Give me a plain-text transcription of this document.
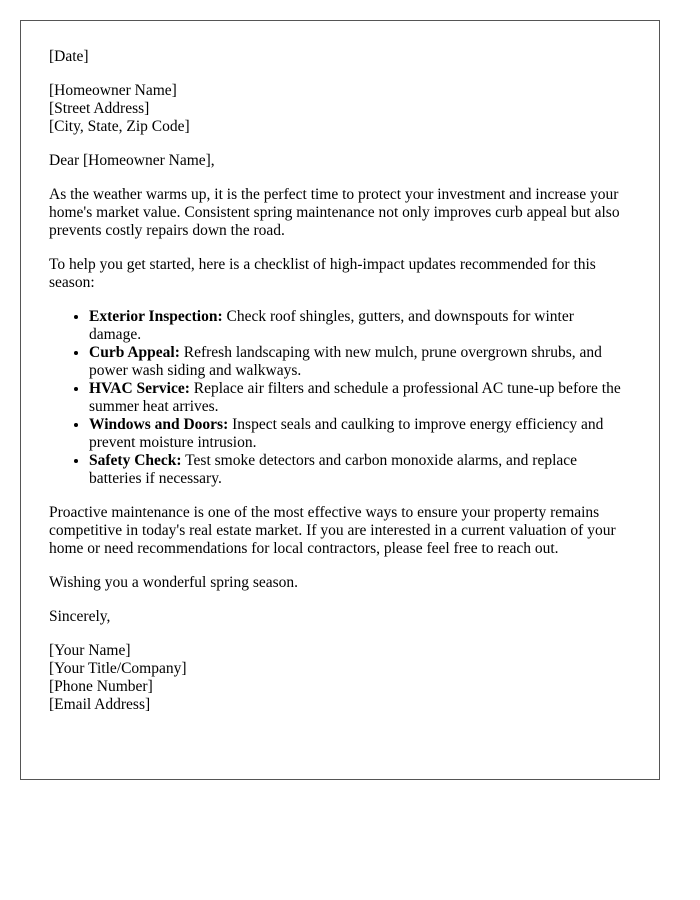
[Date]

[Homeowner Name]
[Street Address]
[City, State, Zip Code]

Dear [Homeowner Name],

As the weather warms up, it is the perfect time to protect your investment and increase your home's market value. Consistent spring maintenance not only improves curb appeal but also prevents costly repairs down the road.

To help you get started, here is a checklist of high-impact updates recommended for this season:

• Exterior Inspection: Check roof shingles, gutters, and downspouts for winter damage.
• Curb Appeal: Refresh landscaping with new mulch, prune overgrown shrubs, and power wash siding and walkways.
• HVAC Service: Replace air filters and schedule a professional AC tune-up before the summer heat arrives.
• Windows and Doors: Inspect seals and caulking to improve energy efficiency and prevent moisture intrusion.
• Safety Check: Test smoke detectors and carbon monoxide alarms, and replace batteries if necessary.

Proactive maintenance is one of the most effective ways to ensure your property remains competitive in today's real estate market. If you are interested in a current valuation of your home or need recommendations for local contractors, please feel free to reach out.

Wishing you a wonderful spring season.

Sincerely,

[Your Name]
[Your Title/Company]
[Phone Number]
[Email Address]
